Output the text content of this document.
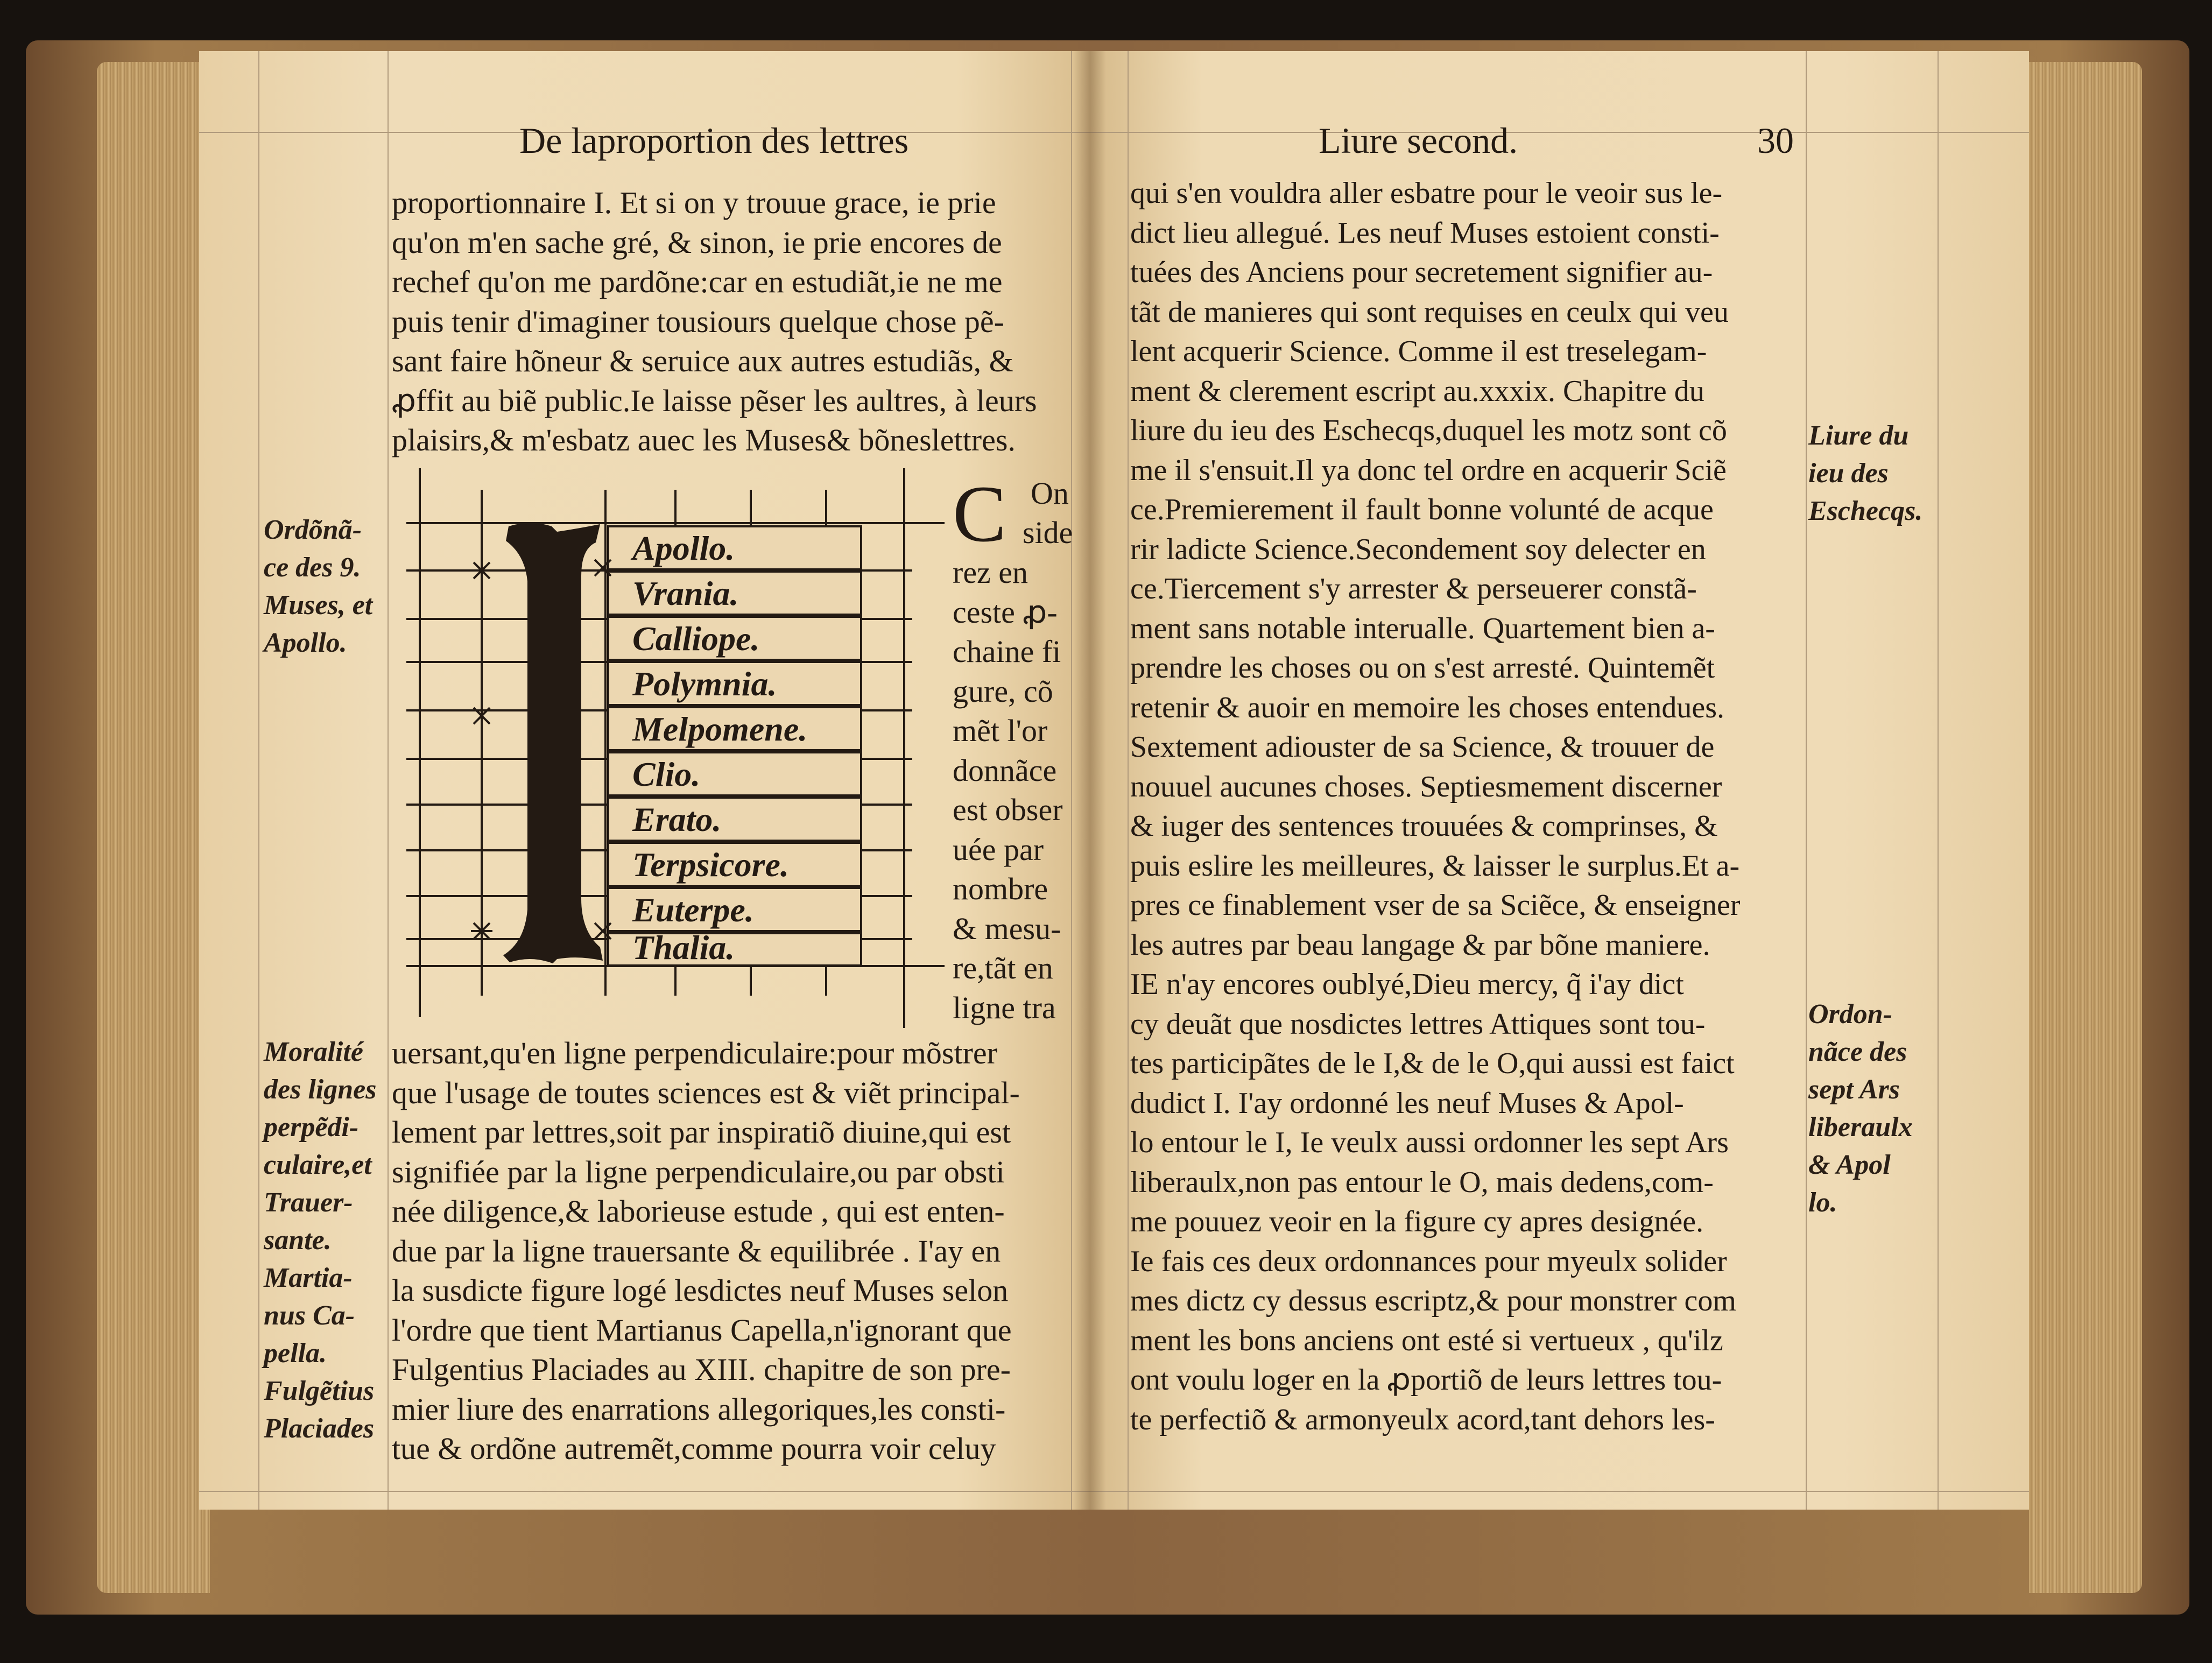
De laproportion des lettres
proportionnaire I. Et si on y trouue grace, ie prie
qu'on m'en sache gré, & sinon, ie prie encores de
rechef qu'on me pardõne:car en estudiãt,ie ne me
puis tenir d'imaginer tousiours quelque chose pẽ-
sant faire hõneur & seruice aux autres estudiãs, &
ꝓffit au biẽ public.Ie laisse pẽser les aultres, à leurs
plaisirs,& m'esbatz auec les Muses& bõneslettres.
Apollo.
Vrania.
Calliope.
Polymnia.
Melpomene.
Clio.
Erato.
Terpsicore.
Euterpe.
Thalia.
C On
side
rez en
ceste ꝓ-
chaine fi
gure, cõ
mẽt l'or
donnãce
est obser
uée par
nombre
& mesu-
re,tãt en
ligne tra
uersant,qu'en ligne perpendiculaire:pour mõstrer
que l'usage de toutes sciences est & viẽt principal-
lement par lettres,soit par inspiratiõ diuine,qui est
signifiée par la ligne perpendiculaire,ou par obsti
née diligence,& laborieuse estude , qui est enten-
due par la ligne trauersante & equilibrée . I'ay en
la susdicte figure logé lesdictes neuf Muses selon
l'ordre que tient Martianus Capella,n'ignorant que
Fulgentius Placiades au XIII. chapitre de son pre-
mier liure des enarrations allegoriques,les consti-
tue & ordõne autremẽt,comme pourra voir celuy
Ordõnã-
ce des 9.
Muses, et
Apollo.
Moralité
des lignes
perpẽdi-
culaire,et
Trauer-
sante.
Martia-
nus Ca-
pella.
Fulgẽtius
Placiades
Liure second.	30
qui s'en vouldra aller esbatre pour le veoir sus le-
dict lieu allegué. Les neuf Muses estoient consti-
tuées des Anciens pour secretement signifier au-
tãt de manieres qui sont requises en ceulx qui veu
lent acquerir Science. Comme il est treselegam-
ment & clerement escript au.xxxix. Chapitre du
liure du ieu des Eschecqs,duquel les motz sont cõ
me il s'ensuit.Il ya donc tel ordre en acquerir Sciẽ
ce.Premierement il fault bonne volunté de acque
rir ladicte Science.Secondement soy delecter en
ce.Tiercement s'y arrester & perseuerer constã-
ment sans notable interualle. Quartement bien a-
prendre les choses ou on s'est arresté. Quintemẽt
retenir & auoir en memoire les choses entendues.
Sextement adiouster de sa Science, & trouuer de
nouuel aucunes choses. Septiesmement discerner
& iuger des sentences trouuées & comprinses, &
puis eslire les meilleures, & laisser le surplus.Et a-
pres ce finablement vser de sa Sciẽce, & enseigner
les autres par beau langage & par bõne maniere.
IE n'ay encores oublyé,Dieu mercy, q̃ i'ay dict
cy deuãt que nosdictes lettres Attiques sont tou-
tes participãtes de le I,& de le O,qui aussi est faict
dudict I. I'ay ordonné les neuf Muses & Apol-
lo entour le I, Ie veulx aussi ordonner les sept Ars
liberaulx,non pas entour le O, mais dedens,com-
me pouuez veoir en la figure cy apres designée.
Ie fais ces deux ordonnances pour myeulx solider
mes dictz cy dessus escriptz,& pour monstrer com
ment les bons anciens ont esté si vertueux , qu'ilz
ont voulu loger en la ꝓportiõ de leurs lettres tou-
te perfectiõ & armonyeulx acord,tant dehors les-
Liure du
ieu des
Eschecqs.
Ordon-
nãce des
sept Ars
liberaulx
& Apol
lo.
